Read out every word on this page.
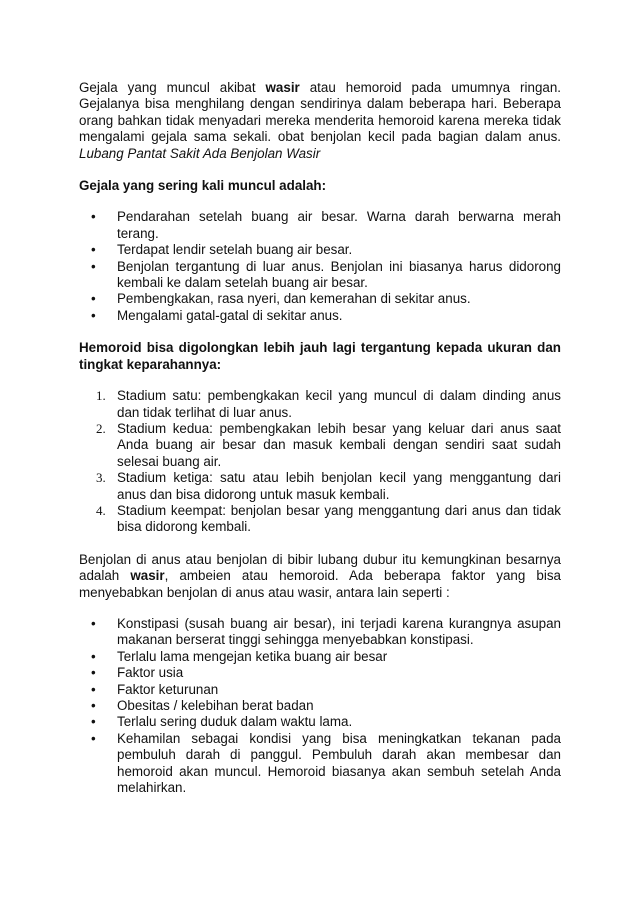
Gejala yang muncul akibat wasir atau hemoroid pada umumnya ringan. Gejalanya bisa menghilang dengan sendirinya dalam beberapa hari. Beberapa orang bahkan tidak menyadari mereka menderita hemoroid karena mereka tidak mengalami gejala sama sekali. obat benjolan kecil pada bagian dalam anus. Lubang Pantat Sakit Ada Benjolan Wasir

Gejala yang sering kali muncul adalah:

• Pendarahan setelah buang air besar. Warna darah berwarna merah terang.
• Terdapat lendir setelah buang air besar.
• Benjolan tergantung di luar anus. Benjolan ini biasanya harus didorong kembali ke dalam setelah buang air besar.
• Pembengkakan, rasa nyeri, dan kemerahan di sekitar anus.
• Mengalami gatal-gatal di sekitar anus.

Hemoroid bisa digolongkan lebih jauh lagi tergantung kepada ukuran dan tingkat keparahannya:

1. Stadium satu: pembengkakan kecil yang muncul di dalam dinding anus dan tidak terlihat di luar anus.
2. Stadium kedua: pembengkakan lebih besar yang keluar dari anus saat Anda buang air besar dan masuk kembali dengan sendiri saat sudah selesai buang air.
3. Stadium ketiga: satu atau lebih benjolan kecil yang menggantung dari anus dan bisa didorong untuk masuk kembali.
4. Stadium keempat: benjolan besar yang menggantung dari anus dan tidak bisa didorong kembali.

Benjolan di anus atau benjolan di bibir lubang dubur itu kemungkinan besarnya adalah wasir, ambeien atau hemoroid. Ada beberapa faktor yang bisa menyebabkan benjolan di anus atau wasir, antara lain seperti :

• Konstipasi (susah buang air besar), ini terjadi karena kurangnya asupan makanan berserat tinggi sehingga menyebabkan konstipasi.
• Terlalu lama mengejan ketika buang air besar
• Faktor usia
• Faktor keturunan
• Obesitas / kelebihan berat badan
• Terlalu sering duduk dalam waktu lama.
• Kehamilan sebagai kondisi yang bisa meningkatkan tekanan pada pembuluh darah di panggul. Pembuluh darah akan membesar dan hemoroid akan muncul. Hemoroid biasanya akan sembuh setelah Anda melahirkan.
